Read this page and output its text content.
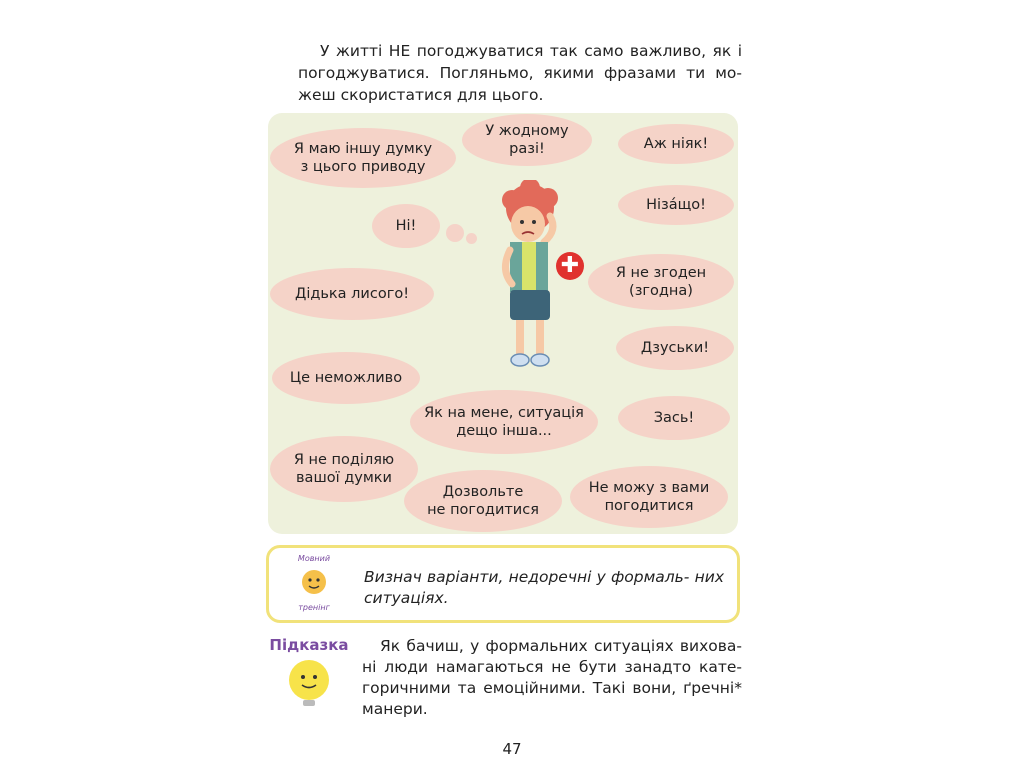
У житті НЕ погоджуватися так само важливо, як і погоджуватися. Погляньмо, якими фразами ти мо- жеш скористатися для цього.

Я маю іншу думку
з цього приводу
У жодному
разі!	Аж ніяк!
Нізáщо!
Ні!
Я не згоден
(згодна)
Дідька лисого!
Дзуськи!
Це неможливо
Як на мене, ситуація
дещо інша...
Зась!
Я не поділяю
вашої думки
Дозвольте
не погодитися
Не можу з вами
погодитися
✚
Мовний
тренінг

Визнач варіанти, недоречні у формаль- них ситуаціях.

Підказка	Як бачиш, у формальних ситуаціях вихова- ні люди намагаються не бути занадто кате- горичними та емоційними. Такі вони, ґречні* манери.

47
